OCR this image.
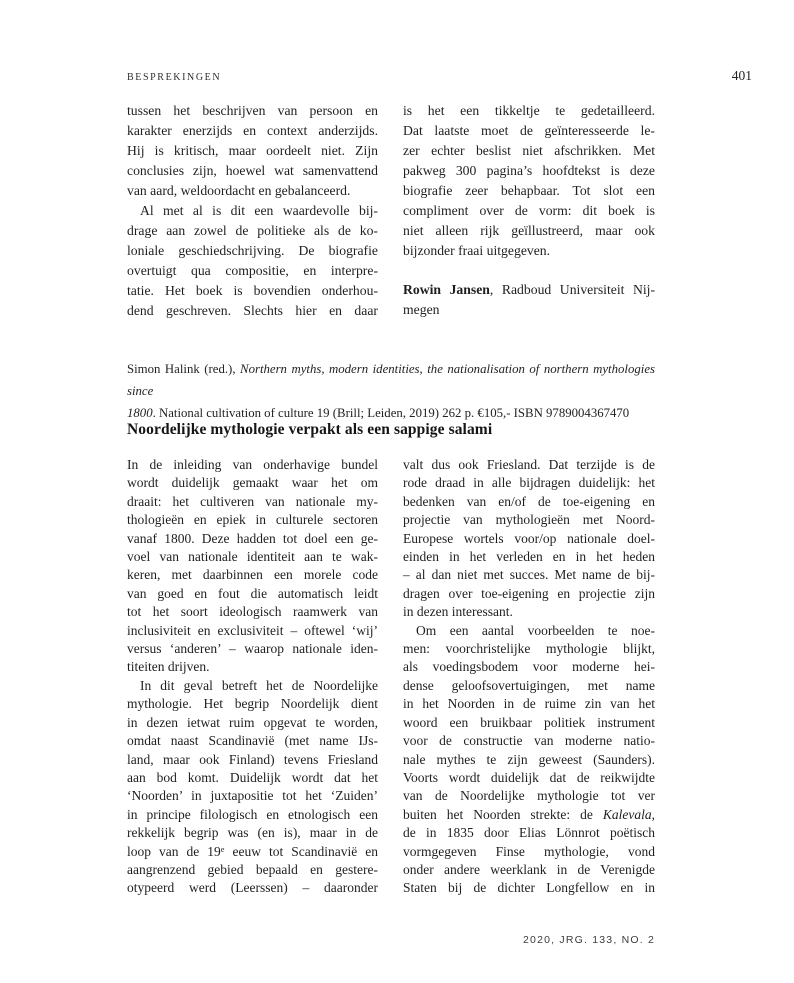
BESPREKINGEN	401
tussen het beschrijven van persoon en
karakter enerzijds en context anderzijds.
Hij is kritisch, maar oordeelt niet. Zijn
conclusies zijn, hoewel wat samenvattend
van aard, weldoordacht en gebalanceerd.
Al met al is dit een waardevolle bij-
drage aan zowel de politieke als de ko-
loniale geschiedschrijving. De biografie
overtuigt qua compositie, en interpre-
tatie. Het boek is bovendien onderhou-
dend geschreven. Slechts hier en daar
is het een tikkeltje te gedetailleerd.
Dat laatste moet de geïnteresseerde le-
zer echter beslist niet afschrikken. Met
pakweg 300 pagina’s hoofdtekst is deze
biografie zeer behapbaar. Tot slot een
compliment over de vorm: dit boek is
niet alleen rijk geïllustreerd, maar ook
bijzonder fraai uitgegeven.
Rowin Jansen, Radboud Universiteit Nij-
megen
Simon Halink (red.), Northern myths, modern identities, the nationalisation of northern mythologies since
1800. National cultivation of culture 19 (Brill; Leiden, 2019) 262 p. €105,- ISBN 9789004367470
Noordelijke mythologie verpakt als een sappige salami
In de inleiding van onderhavige bundel
wordt duidelijk gemaakt waar het om
draait: het cultiveren van nationale my-
thologieën en epiek in culturele sectoren
vanaf 1800. Deze hadden tot doel een ge-
voel van nationale identiteit aan te wak-
keren, met daarbinnen een morele code
van goed en fout die automatisch leidt
tot het soort ideologisch raamwerk van
inclusiviteit en exclusiviteit – oftewel ‘wij’
versus ‘anderen’ – waarop nationale iden-
titeiten drijven.
In dit geval betreft het de Noordelijke
mythologie. Het begrip Noordelijk dient
in dezen ietwat ruim opgevat te worden,
omdat naast Scandinavië (met name IJs-
land, maar ook Finland) tevens Friesland
aan bod komt. Duidelijk wordt dat het
‘Noorden’ in juxtapositie tot het ‘Zuiden’
in principe filologisch en etnologisch een
rekkelijk begrip was (en is), maar in de
loop van de 19e eeuw tot Scandinavië en
aangrenzend gebied bepaald en gestere-
otypeerd werd (Leerssen) – daaronder
valt dus ook Friesland. Dat terzijde is de
rode draad in alle bijdragen duidelijk: het
bedenken van en/of de toe-eigening en
projectie van mythologieën met Noord-
Europese wortels voor/op nationale doel-
einden in het verleden en in het heden
– al dan niet met succes. Met name de bij-
dragen over toe-eigening en projectie zijn
in dezen interessant.
Om een aantal voorbeelden te noe-
men: voorchristelijke mythologie blijkt,
als voedingsbodem voor moderne hei-
dense geloofsovertuigingen, met name
in het Noorden in de ruime zin van het
woord een bruikbaar politiek instrument
voor de constructie van moderne natio-
nale mythes te zijn geweest (Saunders).
Voorts wordt duidelijk dat de reikwijdte
van de Noordelijke mythologie tot ver
buiten het Noorden strekte: de Kalevala,
de in 1835 door Elias Lönnrot poëtisch
vormgegeven Finse mythologie, vond
onder andere weerklank in de Verenigde
Staten bij de dichter Longfellow en in
2020, JRG. 133, NO. 2
